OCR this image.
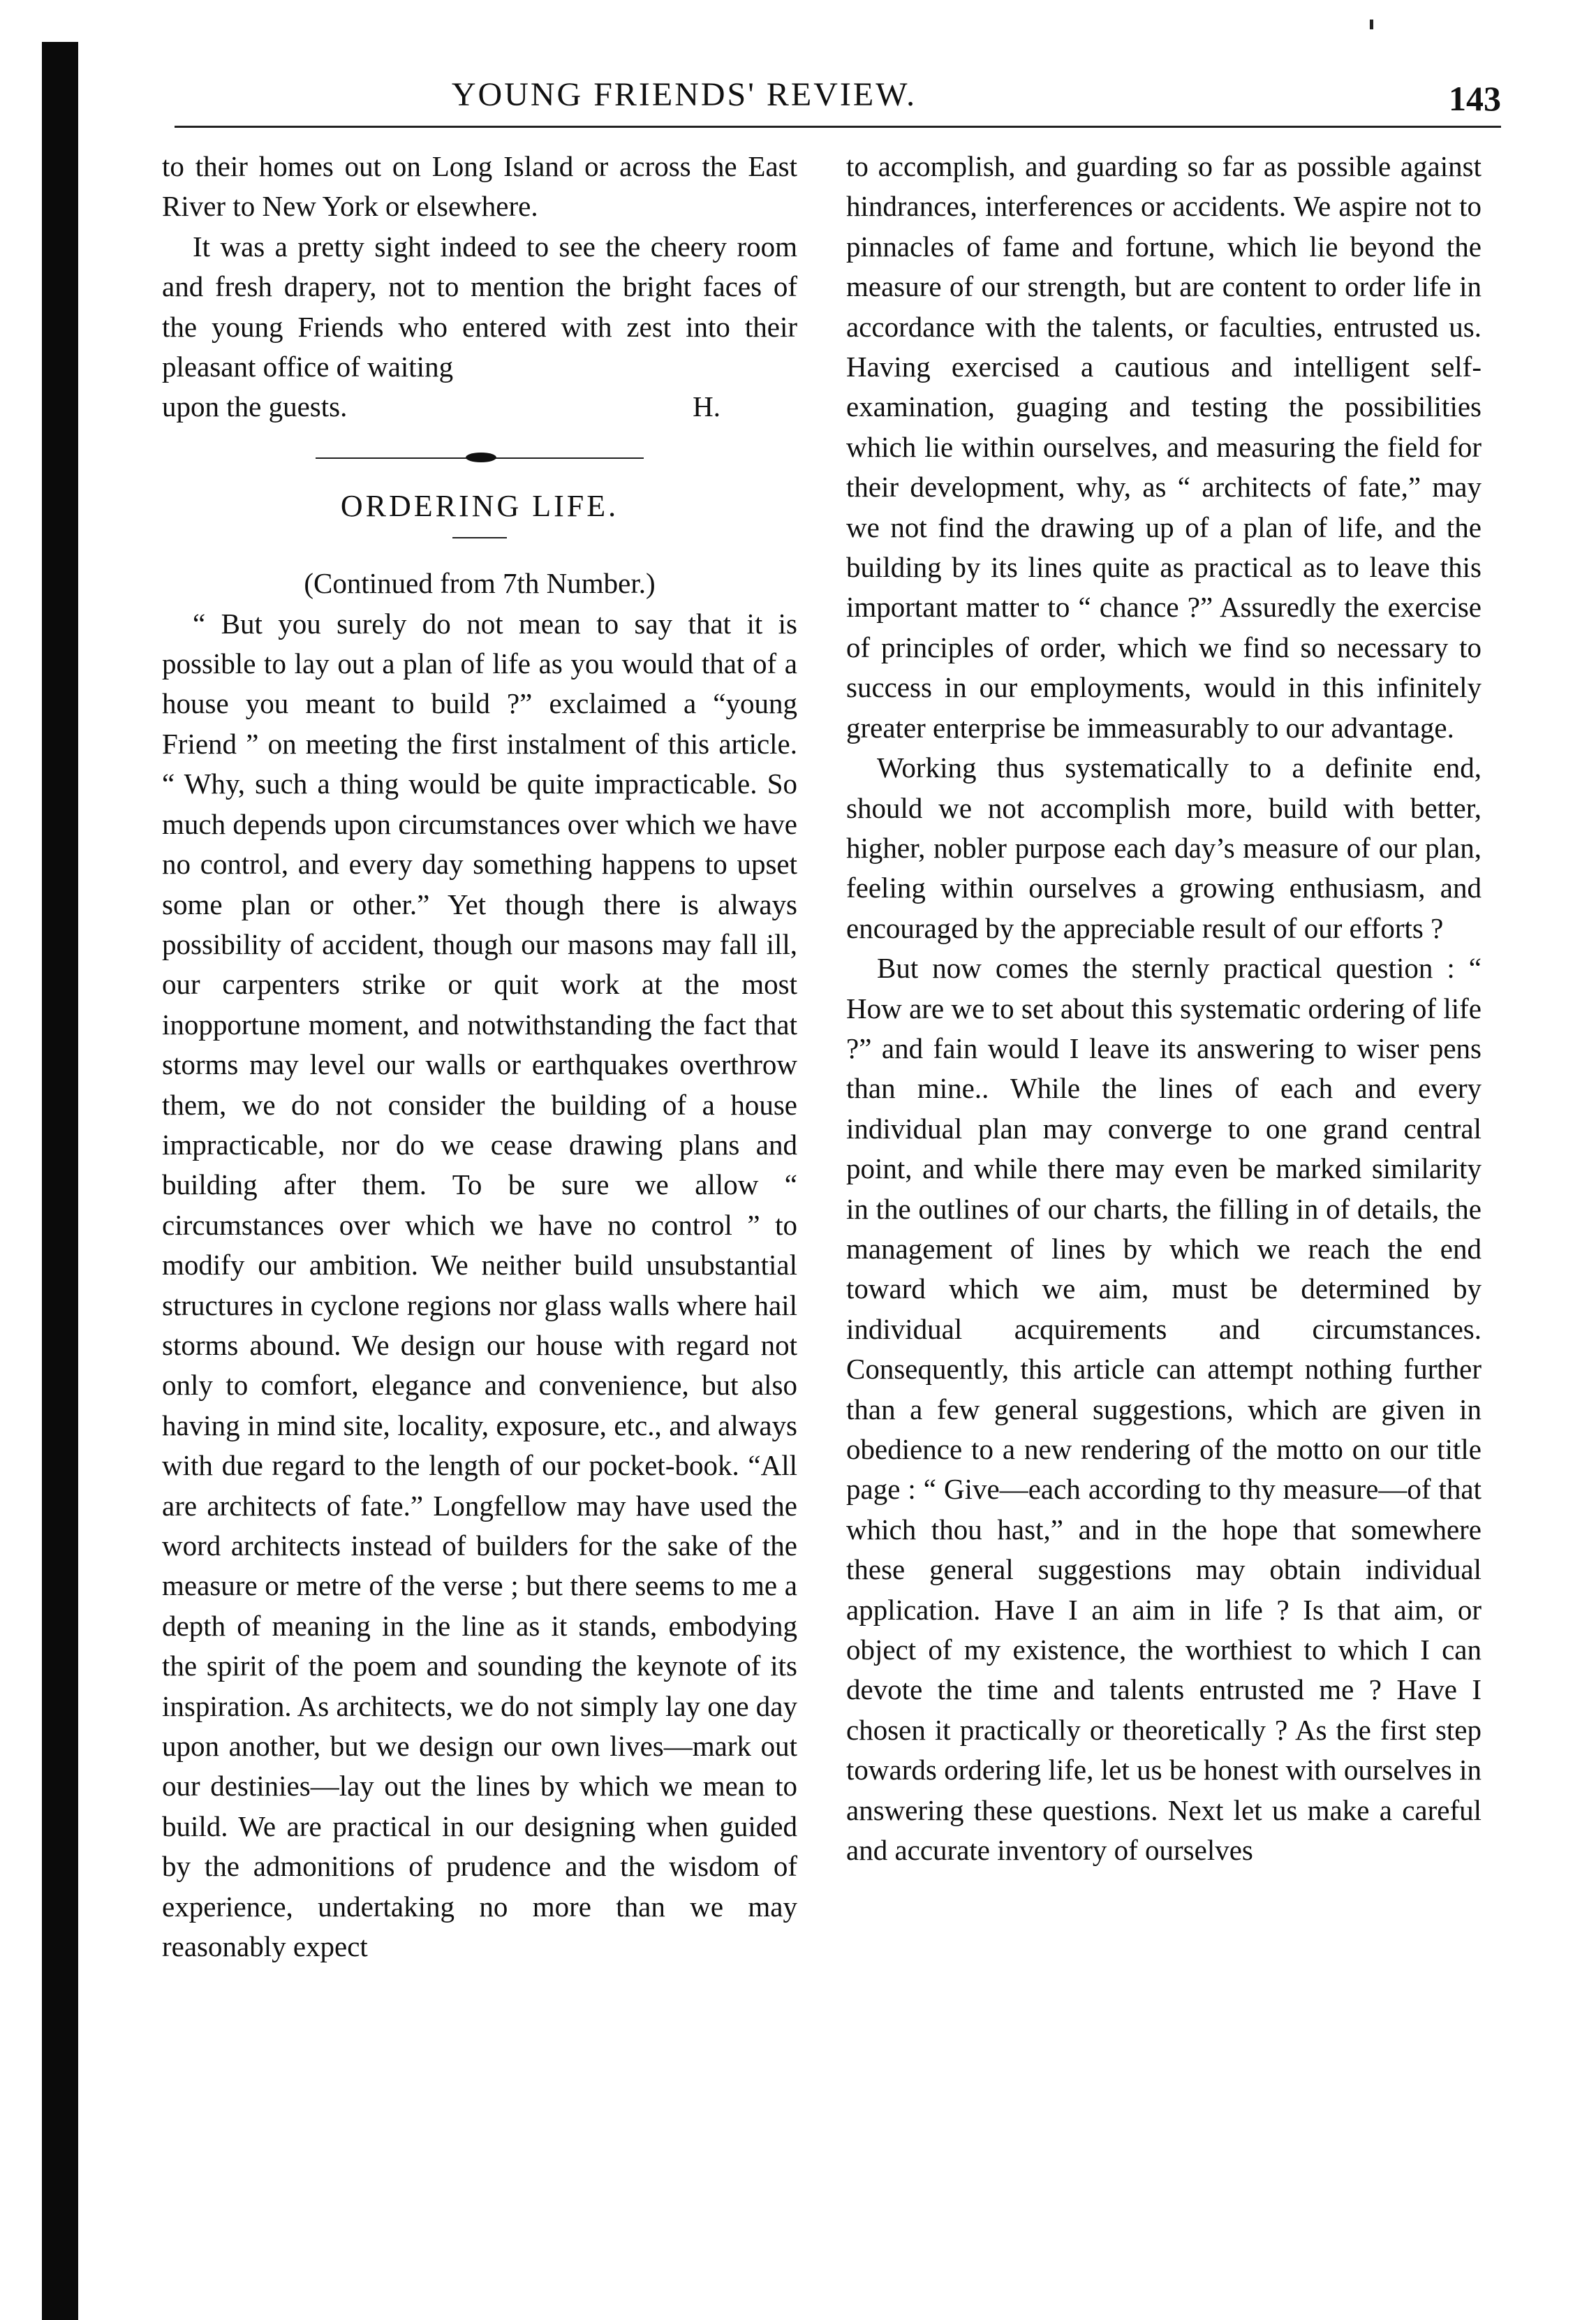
YOUNG FRIENDS' REVIEW.	143

to their homes out on Long Island or across the East River to New York or elsewhere.

It was a pretty sight indeed to see the cheery room and fresh drapery, not to mention the bright faces of the young Friends who entered with zest into their pleasant office of waiting

upon the guests.	H.
ORDERING LIFE.

(Continued from 7th Number.)

“ But you surely do not mean to say that it is possible to lay out a plan of life as you would that of a house you meant to build ?” exclaimed a “young Friend ” on meeting the first instalment of this article. “ Why, such a thing would be quite impracticable. So much depends upon circumstances over which we have no control, and every day something happens to upset some plan or other.” Yet though there is always possibility of accident, though our masons may fall ill, our carpenters strike or quit work at the most inopportune moment, and notwithstanding the fact that storms may level our walls or earthquakes overthrow them, we do not consider the building of a house impracticable, nor do we cease drawing plans and building after them. To be sure we allow “ circumstances over which we have no control ” to modify our ambition. We neither build unsubstantial structures in cyclone regions nor glass walls where hail storms abound. We design our house with regard not only to comfort, elegance and convenience, but also having in mind site, locality, exposure, etc., and always with due regard to the length of our pocket-book. “All are architects of fate.” Longfellow may have used the word architects instead of builders for the sake of the measure or metre of the verse ; but there seems to me a depth of meaning in the line as it stands, embodying the spirit of the poem and sounding the keynote of its inspiration. As architects, we do not simply lay one day upon another, but we design our own lives—mark out our destinies—lay out the lines by which we mean to build. We are practical in our designing when guided by the admonitions of prudence and the wisdom of experience, undertaking no more than we may reasonably expect

to accomplish, and guarding so far as possible against hindrances, interferences or accidents. We aspire not to pinnacles of fame and fortune, which lie beyond the measure of our strength, but are content to order life in accordance with the talents, or faculties, entrusted us. Having exercised a cautious and intelligent self-examination, guaging and testing the possibilities which lie within ourselves, and measuring the field for their development, why, as “ architects of fate,” may we not find the drawing up of a plan of life, and the building by its lines quite as practical as to leave this important matter to “ chance ?” Assuredly the exercise of principles of order, which we find so necessary to success in our employments, would in this infinitely greater enterprise be immeasurably to our advantage.

Working thus systematically to a definite end, should we not accomplish more, build with better, higher, nobler purpose each day’s measure of our plan, feeling within ourselves a growing enthusiasm, and encouraged by the appreciable result of our efforts ?

But now comes the sternly practical question : “ How are we to set about this systematic ordering of life ?” and fain would I leave its answering to wiser pens than mine.. While the lines of each and every individual plan may converge to one grand central point, and while there may even be marked similarity in the outlines of our charts, the filling in of details, the management of lines by which we reach the end toward which we aim, must be determined by individual acquirements and circumstances. Consequently, this article can attempt nothing further than a few general suggestions, which are given in obedience to a new rendering of the motto on our title page : “ Give—each according to thy measure—of that which thou hast,” and in the hope that somewhere these general suggestions may obtain individual application. Have I an aim in life ? Is that aim, or object of my existence, the worthiest to which I can devote the time and talents entrusted me ? Have I chosen it practically or theoretically ? As the first step towards ordering life, let us be honest with ourselves in answering these questions. Next let us make a careful and accurate inventory of ourselves
